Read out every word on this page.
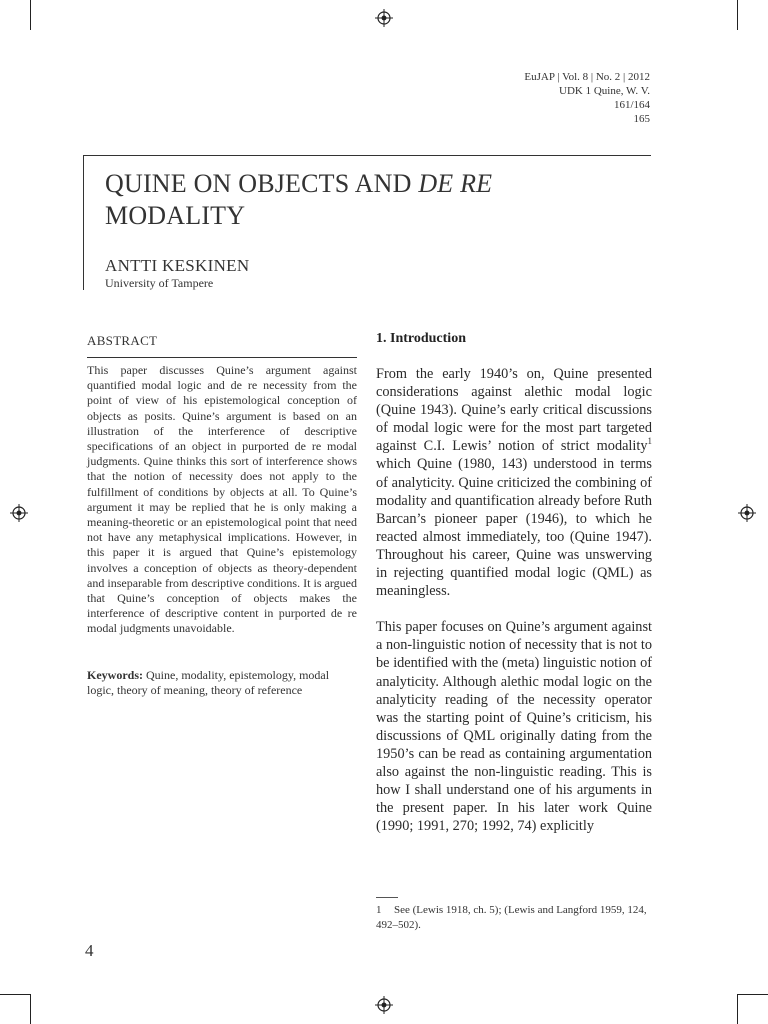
EuJAP | Vol. 8 | No. 2 | 2012
UDK 1 Quine, W. V.
161/164
165
QUINE ON OBJECTS AND DE RE
MODALITY
ANTTI KESKINEN
University of Tampere
ABSTRACT
This paper discusses Quine’s argument against quantified modal logic and de re necessity from the point of view of his epistemological conception of objects as posits. Quine’s argument is based on an illustration of the interference of descriptive specifications of an object in purported de re modal judgments. Quine thinks this sort of interference shows that the notion of necessity does not apply to the fulfillment of conditions by objects at all. To Quine’s argument it may be replied that he is only making a meaning-theoretic or an epistemological point that need not have any metaphysical implications. However, in this paper it is argued that Quine’s epistemology involves a conception of objects as theory-dependent and inseparable from descriptive conditions. It is argued that Quine’s conception of objects makes the interference of descriptive content in purported de re modal judgments unavoidable.
Keywords: Quine, modality, epistemology, modal logic, theory of meaning, theory of reference
1. Introduction

From the early 1940’s on, Quine presented considerations against alethic modal logic (Quine 1943). Quine’s early critical discussions of modal logic were for the most part targeted against C.I. Lewis’ notion of strict modality$^1$ which Quine (1980, 143) understood in terms of analyticity. Quine criticized the combining of modality and quantification already before Ruth Barcan’s pioneer paper (1946), to which he reacted almost immediately, too (Quine 1947). Throughout his career, Quine was unswerving in rejecting quantified modal logic (QML) as meaningless.

This paper focuses on Quine’s argument against a non-linguistic notion of necessity that is not to be identified with the (meta) linguistic notion of analyticity. Although alethic modal logic on the analyticity reading of the necessity operator was the starting point of Quine’s criticism, his discussions of QML originally dating from the 1950’s can be read as containing argumentation also against the non-linguistic reading. This is how I shall understand one of his arguments in the present paper. In his later work Quine (1990; 1991, 270; 1992, 74) explicitly

1 See (Lewis 1918, ch. 5); (Lewis and Langford 1959, 124, 492–502).
4
